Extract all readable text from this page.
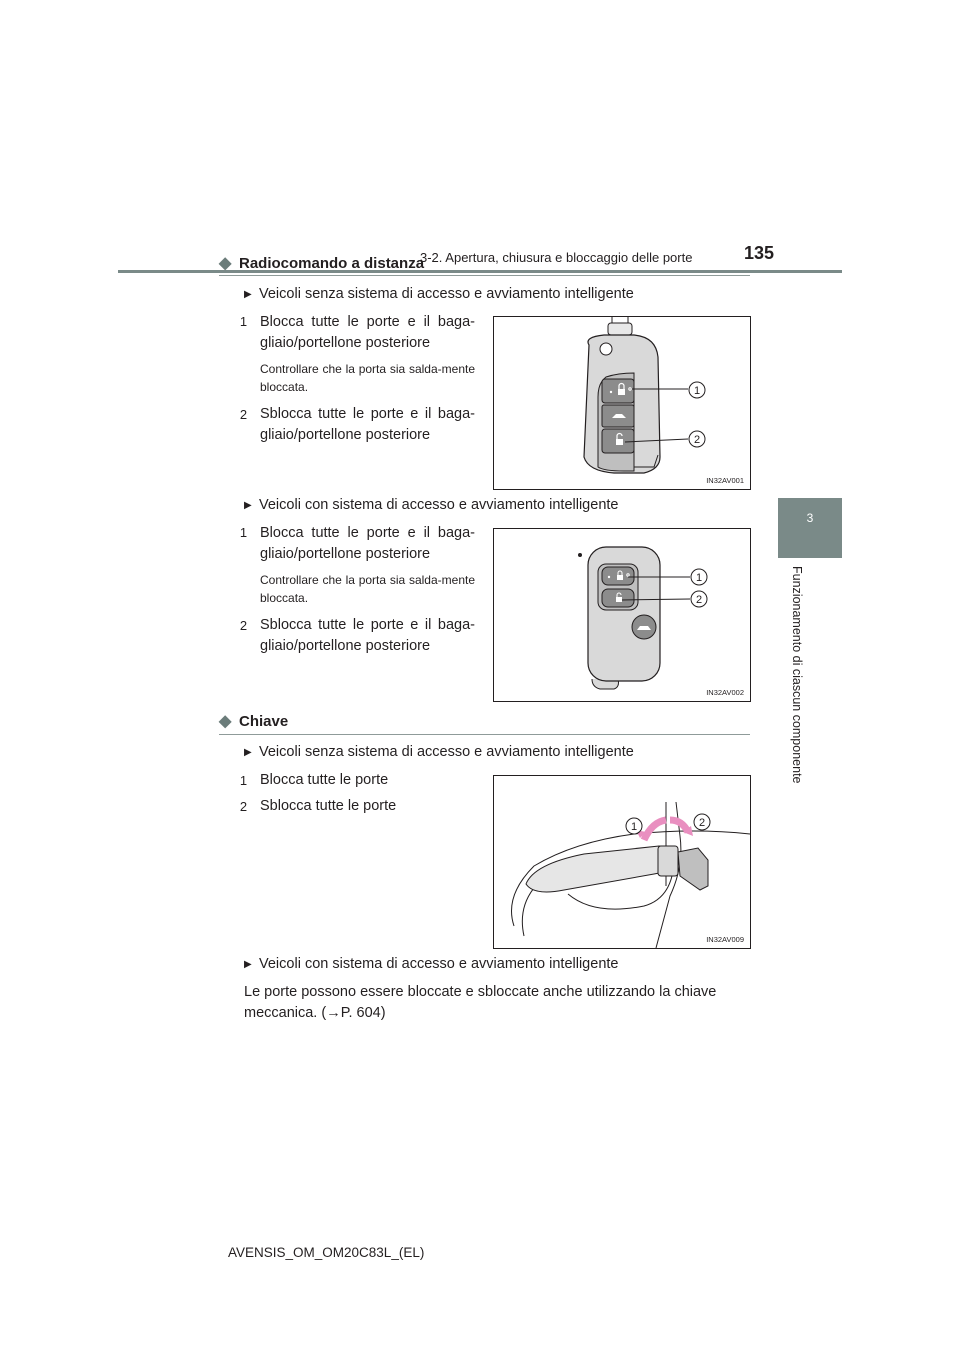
3-2. Apertura, chiusura e bloccaggio delle porte	135
3
Funzionamento di ciascun componente
◆ Radiocomando a distanza
▶ Veicoli senza sistema di accesso e avviamento intelligente
1 Blocca tutte le porte e il baga-gliaio/portellone posteriore
Controllare che la porta sia salda-mente bloccata.
2 Sblocca tutte le porte e il baga-gliaio/portellone posteriore
1
2
IN32AV001
▶ Veicoli con sistema di accesso e avviamento intelligente
1 Blocca tutte le porte e il baga-gliaio/portellone posteriore
Controllare che la porta sia salda-mente bloccata.
2 Sblocca tutte le porte e il baga-gliaio/portellone posteriore
1
2
IN32AV002
◆ Chiave
▶ Veicoli senza sistema di accesso e avviamento intelligente
1 Blocca tutte le porte
2 Sblocca tutte le porte
1	2
IN32AV009
▶ Veicoli con sistema di accesso e avviamento intelligente
Le porte possono essere bloccate e sbloccate anche utilizzando la chiave meccanica. (→P. 604)
AVENSIS_OM_OM20C83L_(EL)
